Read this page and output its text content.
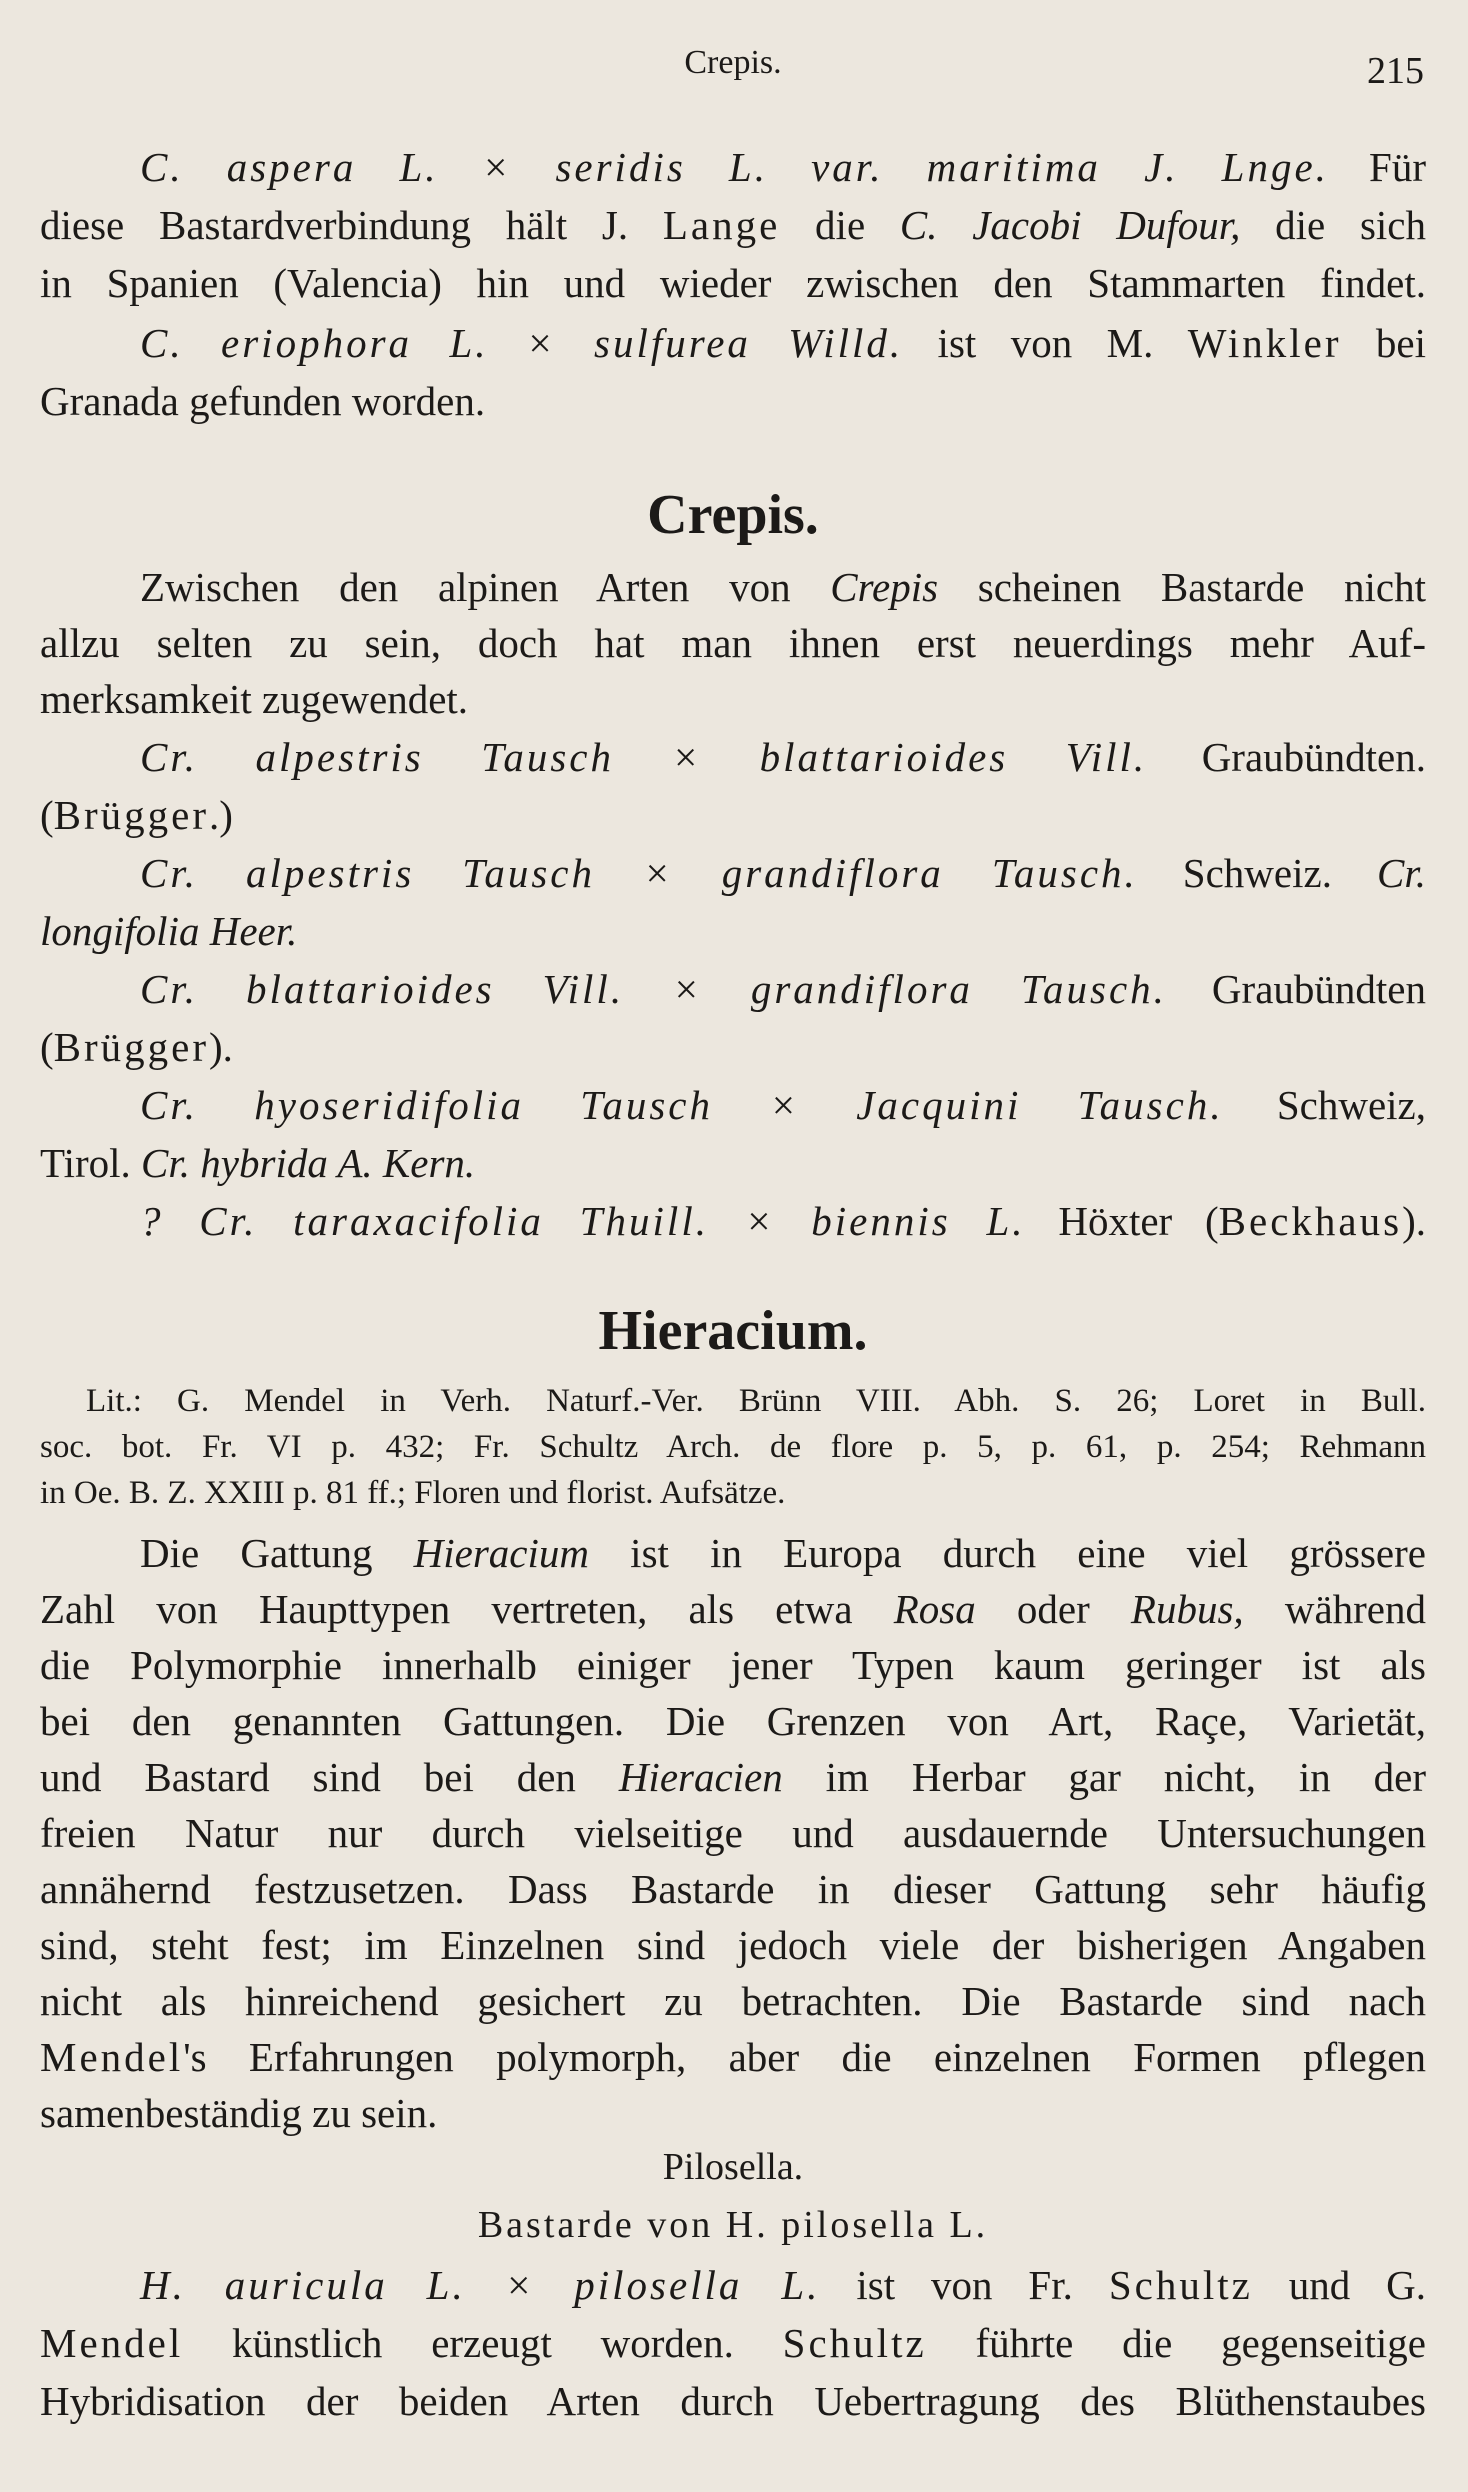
Crepis.	215
C. aspera L. × seridis L. var. maritima J. Lnge. Für
diese Bastardverbindung hält J. Lange die C. Jacobi Dufour, die sich
in Spanien (Valencia) hin und wieder zwischen den Stammarten findet.
C. eriophora L. × sulfurea Willd. ist von M. Winkler bei
Granada gefunden worden.
Crepis.
Zwischen den alpinen Arten von Crepis scheinen Bastarde nicht
allzu selten zu sein, doch hat man ihnen erst neuerdings mehr Auf-
merksamkeit zugewendet.
Cr. alpestris Tausch × blattarioides Vill. Graubündten.
(Brügger.)
Cr. alpestris Tausch × grandiflora Tausch. Schweiz. Cr.
longifolia Heer.
Cr. blattarioides Vill. × grandiflora Tausch. Graubündten
(Brügger).
Cr. hyoseridifolia Tausch × Jacquini Tausch. Schweiz,
Tirol. Cr. hybrida A. Kern.
? Cr. taraxacifolia Thuill. × biennis L. Höxter (Beckhaus).
Hieracium.
Lit.: G. Mendel in Verh. Naturf.-Ver. Brünn VIII. Abh. S. 26; Loret in Bull.
soc. bot. Fr. VI p. 432; Fr. Schultz Arch. de flore p. 5, p. 61, p. 254; Rehmann
in Oe. B. Z. XXIII p. 81 ff.; Floren und florist. Aufsätze.
Die Gattung Hieracium ist in Europa durch eine viel grössere
Zahl von Haupttypen vertreten, als etwa Rosa oder Rubus, während
die Polymorphie innerhalb einiger jener Typen kaum geringer ist als
bei den genannten Gattungen. Die Grenzen von Art, Raçe, Varietät,
und Bastard sind bei den Hieracien im Herbar gar nicht, in der
freien Natur nur durch vielseitige und ausdauernde Untersuchungen
annähernd festzusetzen. Dass Bastarde in dieser Gattung sehr häufig
sind, steht fest; im Einzelnen sind jedoch viele der bisherigen Angaben
nicht als hinreichend gesichert zu betrachten. Die Bastarde sind nach
Mendel's Erfahrungen polymorph, aber die einzelnen Formen pflegen
samenbeständig zu sein.
Pilosella.
Bastarde von H. pilosella L.
H. auricula L. × pilosella L. ist von Fr. Schultz und G.
Mendel künstlich erzeugt worden. Schultz führte die gegenseitige
Hybridisation der beiden Arten durch Uebertragung des Blüthenstaubes
